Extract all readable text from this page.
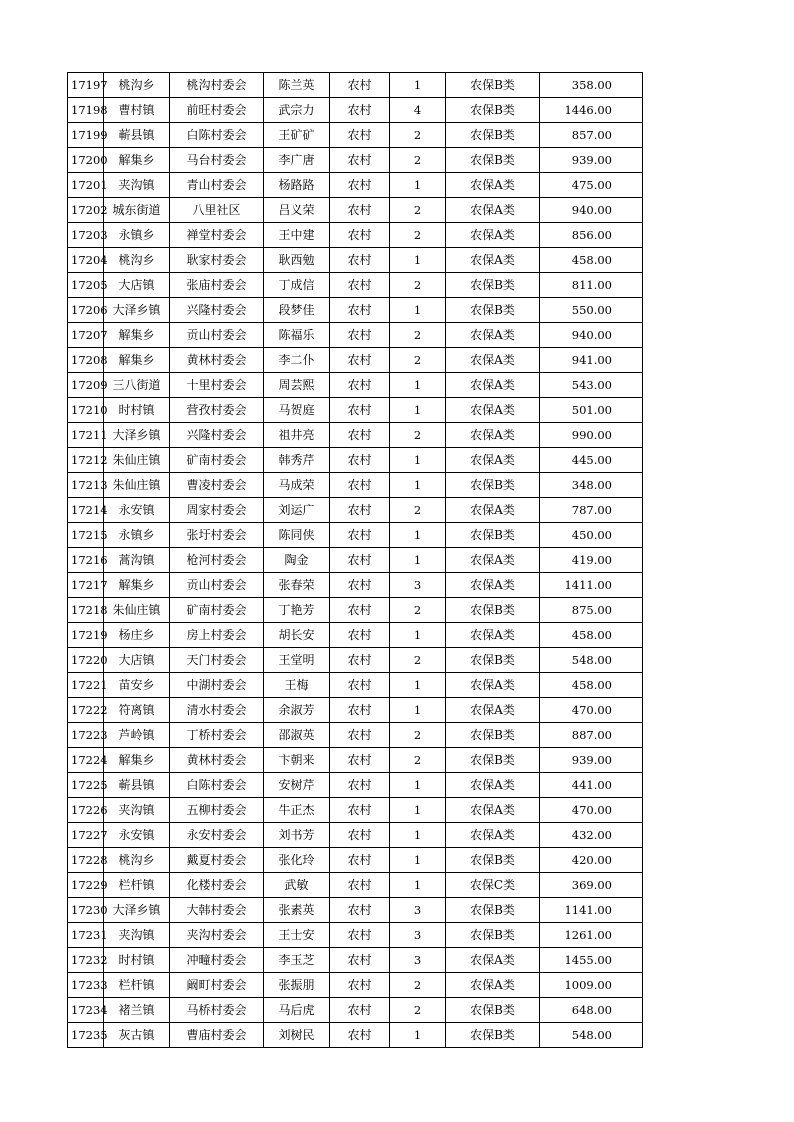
17197	桃沟乡	桃沟村委会	陈兰英	农村	1	农保B类	358.00
17198	曹村镇	前旺村委会	武宗力	农村	4	农保B类	1446.00
17199	蕲县镇	白陈村委会	王矿矿	农村	2	农保B类	857.00
17200	解集乡	马台村委会	李广唐	农村	2	农保B类	939.00
17201	夹沟镇	青山村委会	杨路路	农村	1	农保A类	475.00
17202	城东街道	八里社区	吕义荣	农村	2	农保A类	940.00
17203	永镇乡	禅堂村委会	王中建	农村	2	农保A类	856.00
17204	桃沟乡	耿家村委会	耿西勉	农村	1	农保A类	458.00
17205	大店镇	张庙村委会	丁成信	农村	2	农保B类	811.00
17206	大泽乡镇	兴隆村委会	段梦佳	农村	1	农保B类	550.00
17207	解集乡	贡山村委会	陈福乐	农村	2	农保A类	940.00
17208	解集乡	黄林村委会	李二仆	农村	2	农保A类	941.00
17209	三八街道	十里村委会	周芸熙	农村	1	农保A类	543.00
17210	时村镇	营孜村委会	马贺庭	农村	1	农保A类	501.00
17211	大泽乡镇	兴隆村委会	祖井亮	农村	2	农保A类	990.00
17212	朱仙庄镇	矿南村委会	韩秀芹	农村	1	农保A类	445.00
17213	朱仙庄镇	曹凌村委会	马成荣	农村	1	农保B类	348.00
17214	永安镇	周家村委会	刘运广	农村	2	农保A类	787.00
17215	永镇乡	张圩村委会	陈同侠	农村	1	农保B类	450.00
17216	蒿沟镇	枪河村委会	陶金	农村	1	农保A类	419.00
17217	解集乡	贡山村委会	张春荣	农村	3	农保A类	1411.00
17218	朱仙庄镇	矿南村委会	丁艳芳	农村	2	农保B类	875.00
17219	杨庄乡	房上村委会	胡长安	农村	1	农保A类	458.00
17220	大店镇	天门村委会	王堂明	农村	2	农保B类	548.00
17221	苗安乡	中湖村委会	王梅	农村	1	农保A类	458.00
17222	符离镇	清水村委会	余淑芳	农村	1	农保A类	470.00
17223	芦岭镇	丁桥村委会	邵淑英	农村	2	农保B类	887.00
17224	解集乡	黄林村委会	卞朝来	农村	2	农保B类	939.00
17225	蕲县镇	白陈村委会	安树芹	农村	1	农保A类	441.00
17226	夹沟镇	五柳村委会	牛正杰	农村	1	农保A类	470.00
17227	永安镇	永安村委会	刘书芳	农村	1	农保A类	432.00
17228	桃沟乡	戴夏村委会	张化玲	农村	1	农保B类	420.00
17229	栏杆镇	化楼村委会	武敏	农村	1	农保C类	369.00
17230	大泽乡镇	大韩村委会	张素英	农村	3	农保B类	1141.00
17231	夹沟镇	夹沟村委会	王士安	农村	3	农保B类	1261.00
17232	时村镇	冲疃村委会	李玉芝	农村	3	农保A类	1455.00
17233	栏杆镇	阚町村委会	张振朋	农村	2	农保A类	1009.00
17234	褚兰镇	马桥村委会	马后虎	农村	2	农保B类	648.00
17235	灰古镇	曹庙村委会	刘树民	农村	1	农保B类	548.00
